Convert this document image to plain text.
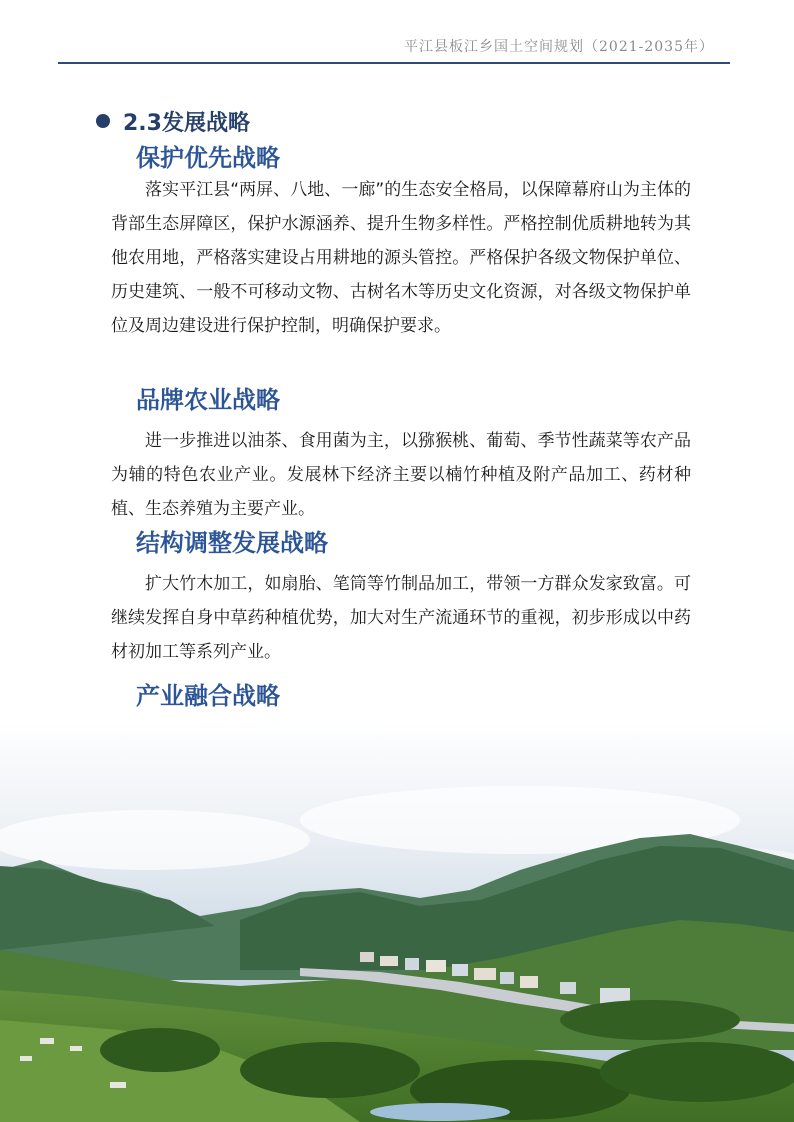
平江县板江乡国土空间规划（2021-2035年）
2.3发展战略
保护优先战略

落实平江县“两屏、八地、一廊”的生态安全格局，以保障幕府山为主体的背部生态屏障区，保护水源涵养、提升生物多样性。严格控制优质耕地转为其他农用地，严格落实建设占用耕地的源头管控。严格保护各级文物保护单位、历史建筑、一般不可移动文物、古树名木等历史文化资源，对各级文物保护单位及周边建设进行保护控制，明确保护要求。

品牌农业战略

进一步推进以油茶、食用菌为主，以猕猴桃、葡萄、季节性蔬菜等农产品为辅的特色农业产业。发展林下经济主要以楠竹种植及附产品加工、药材种植、生态养殖为主要产业。

结构调整发展战略

扩大竹木加工，如扇胎、笔筒等竹制品加工，带领一方群众发家致富。可继续发挥自身中草药种植优势，加大对生产流通环节的重视，初步形成以中药材初加工等系列产业。

产业融合战略
